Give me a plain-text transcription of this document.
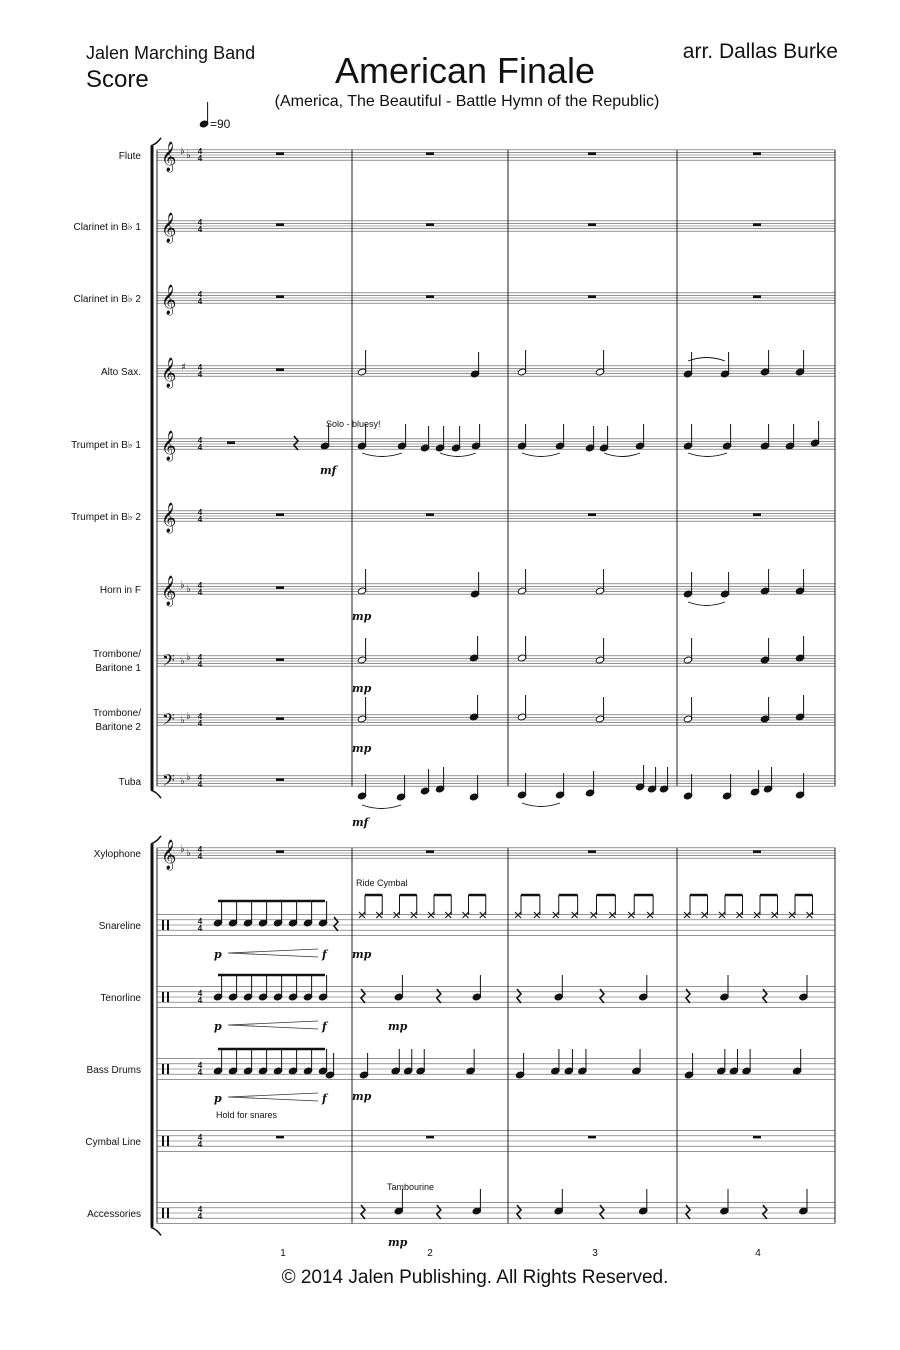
Jalen Marching Band
Score	American Finale
(America, The Beautiful - Battle Hymn of the Republic)
arr. Dallas Burke
© 2014 Jalen Publishing. All Rights Reserved.
Flute 𝄞 ♭ ♭ 4
4
Clarinet in B♭ 1 𝄞	4
4
Clarinet in B♭ 2 𝄞	4
4
Alto Sax. 𝄞 ♯ 4
4
Trumpet in B♭ 1 𝄞	4
4
Trumpet in B♭ 2 𝄞	4
4
Horn in F 𝄞 ♭ ♭ 4
4
Trombone/
Baritone 1 𝄢 ♭ ♭ 4
4
Trombone/
Baritone 2 𝄢 ♭ ♭ 4
4
Tuba 𝄢 ♭ ♭ 4
4
Xylophone 𝄞 ♭ ♭ 4
4
Snareline	4
4
Tenorline	4
4
Bass Drums	4
4
Cymbal Line	4
4
Accessories	4
4
=90
Solo - bluesy!
mf
mp
mp
mp
mf
p	f
Ride Cymbal
mp
p	f	mp
p	f
Hold for snares
mp
Tambourine
mp
1	2	3	4
